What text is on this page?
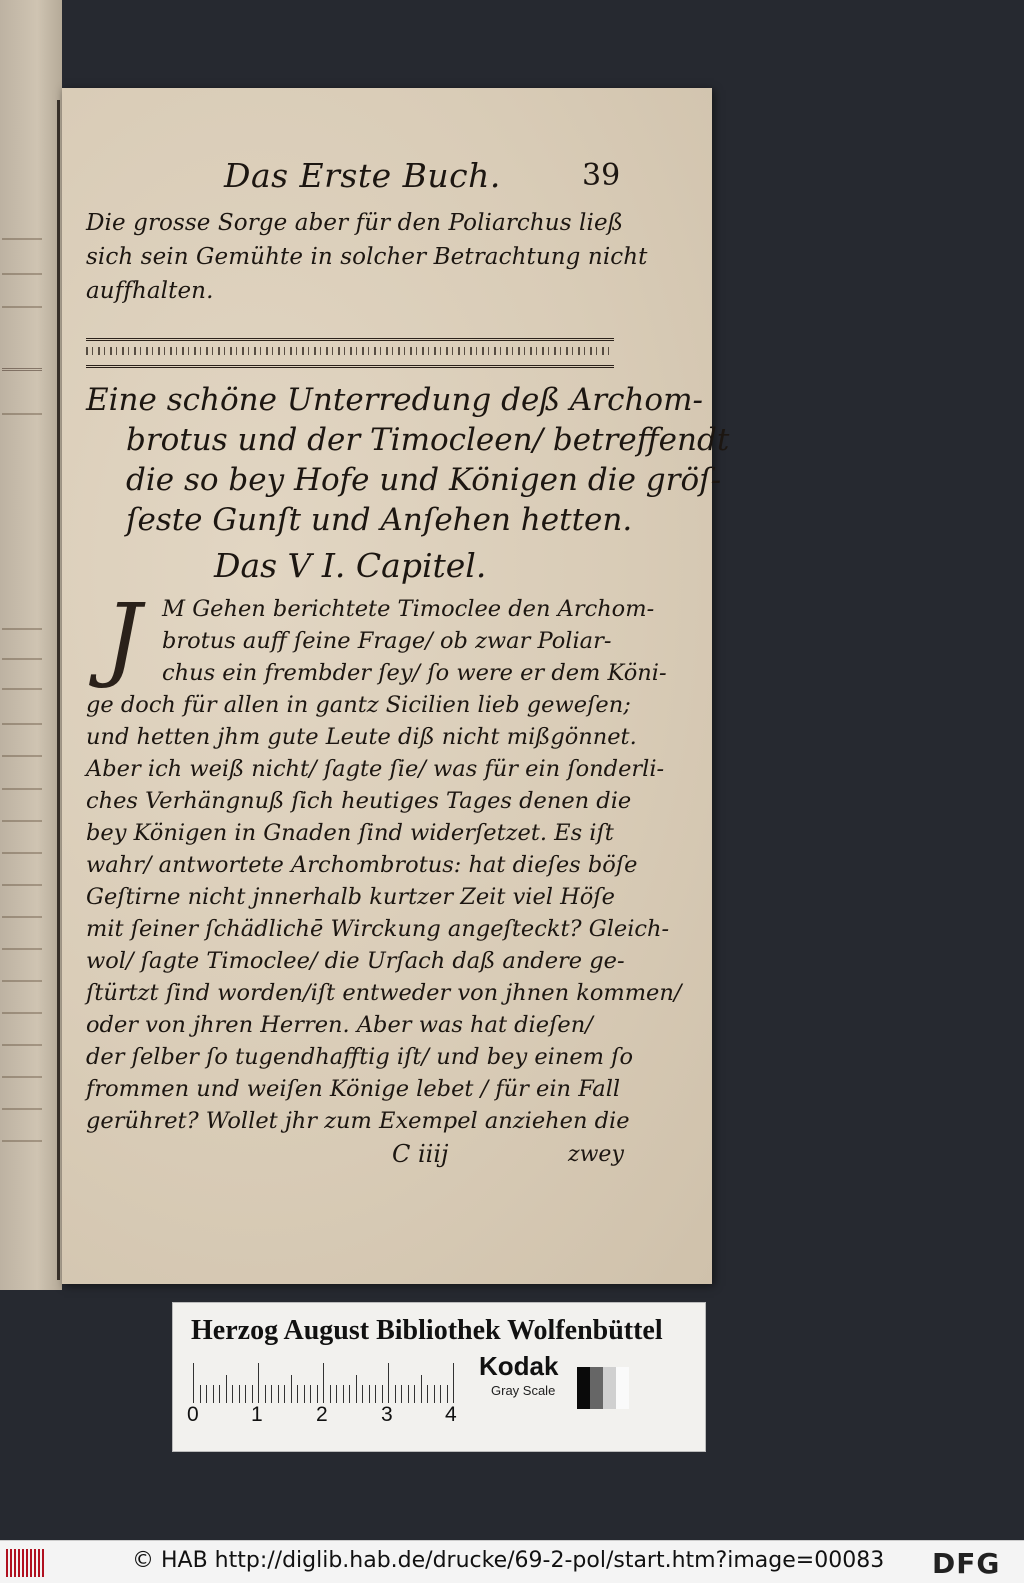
Das Erste Buch.	39
Die grosse Sorge aber für den Poliarchus ließ
sich sein Gemühte in solcher Betrachtung nicht
auffhalten.
Eine schöne Unterredung deß Archom-
brotus und der Timocleen/ betreffendt
die so bey Hofe und Königen die gröſ-
ſeste Gunſt und Anſehen hetten.
Das V I. Capitel.
J M Gehen berichtete Timoclee den Archom-
brotus auff ſeine Frage/ ob zwar Poliar-
chus ein frembder ſey/ ſo were er dem Köni-
ge doch für allen in gantz Sicilien lieb geweſen;
und hetten jhm gute Leute diß nicht mißgönnet.
Aber ich weiß nicht/ ſagte ſie/ was für ein ſonderli-
ches Verhängnuß ſich heutiges Tages denen die
bey Königen in Gnaden ſind widerſetzet. Es iſt
wahr/ antwortete Archombrotus: hat dieſes böſe
Geſtirne nicht jnnerhalb kurtzer Zeit viel Höſe
mit ſeiner ſchädlichē Wirckung angeſteckt? Gleich-
wol/ ſagte Timoclee/ die Urſach daß andere ge-
ſtürtzt ſind worden/iſt entweder von jhnen kommen/
oder von jhren Herren. Aber was hat dieſen/
der ſelber ſo tugendhafftig iſt/ und bey einem ſo
frommen und weiſen Könige lebet / für ein Fall
gerühret? Wollet jhr zum Exempel anziehen die
C iiij	zwey
Herzog August Bibliothek Wolfenbüttel
0 1	2	3 4
Kodak
Gray Scale
© HAB http://diglib.hab.de/drucke/69-2-pol/start.htm?image=00083 DFG
